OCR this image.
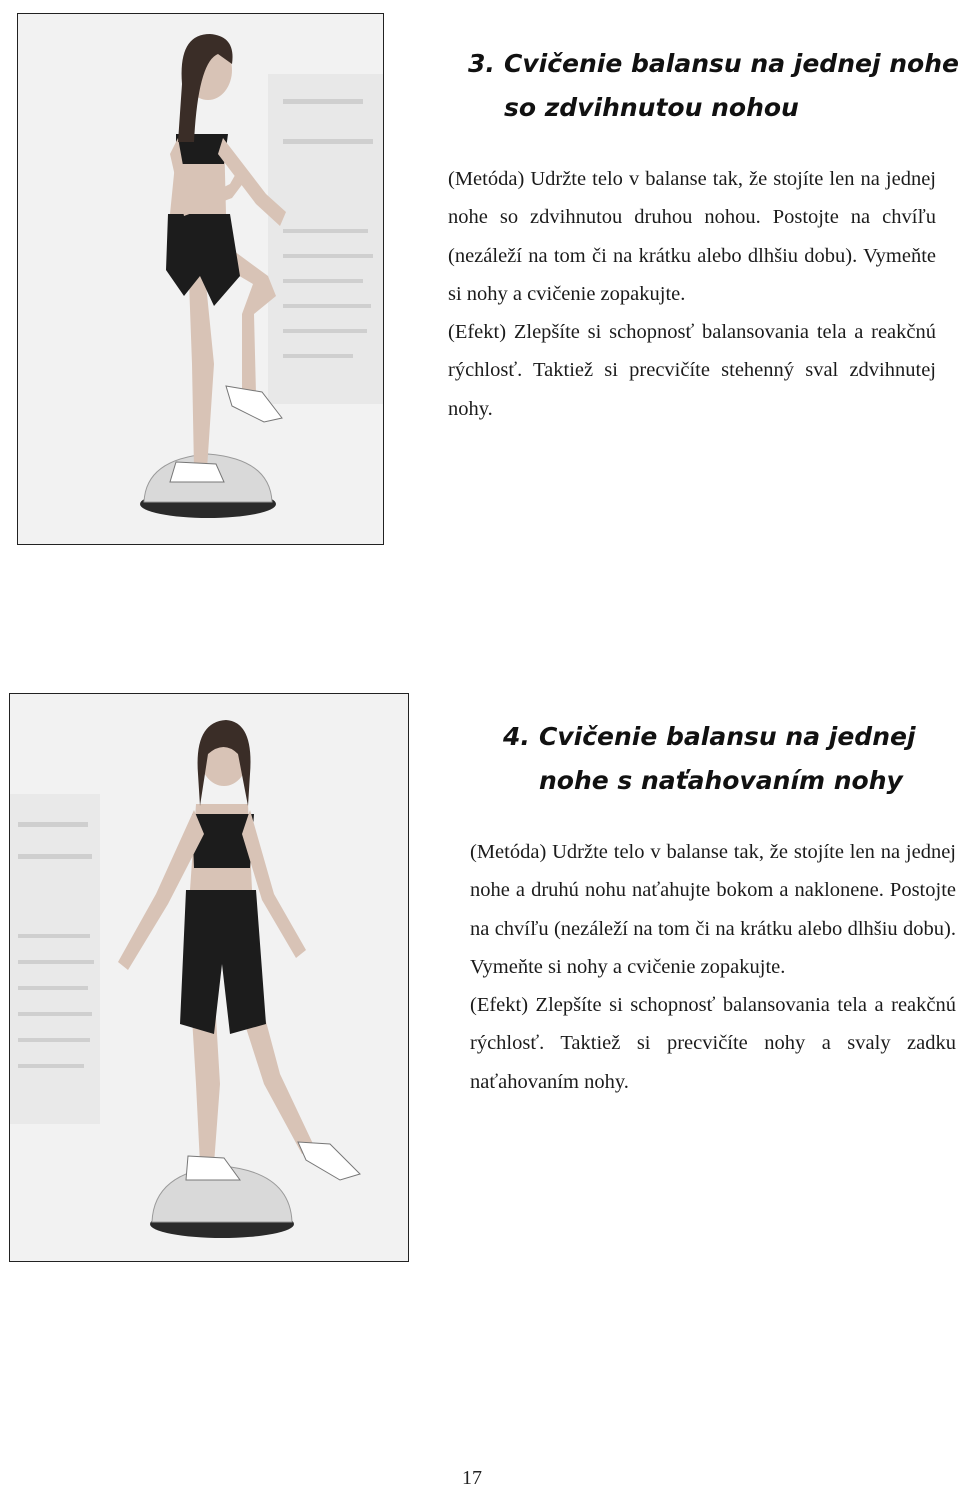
3. Cvičenie balansu na jednej nohe
so zdvihnutou nohou

(Metóda) Udržte telo v balanse tak, že stojíte len na jednej nohe so zdvihnutou druhou nohou. Postojte na chvíľu (nezáleží na tom či na krátku alebo dlhšiu dobu). Vymeňte si nohy a cvičenie zopakujte.

(Efekt) Zlepšíte si schopnosť balansovania tela a reakčnú rýchlosť. Taktiež si precvičíte stehenný sval zdvihnutej nohy.

4. Cvičenie balansu na jednej
nohe s naťahovaním nohy

(Metóda) Udržte telo v balanse tak, že stojíte len na jednej nohe a druhú nohu naťahujte bokom a naklonene. Postojte na chvíľu (nezáleží na tom či na krátku alebo dlhšiu dobu). Vymeňte si nohy a cvičenie zopakujte.

(Efekt) Zlepšíte si schopnosť balansovania tela a reakčnú rýchlosť. Taktiež si precvičíte nohy a svaly zadku naťahovaním nohy.

17
